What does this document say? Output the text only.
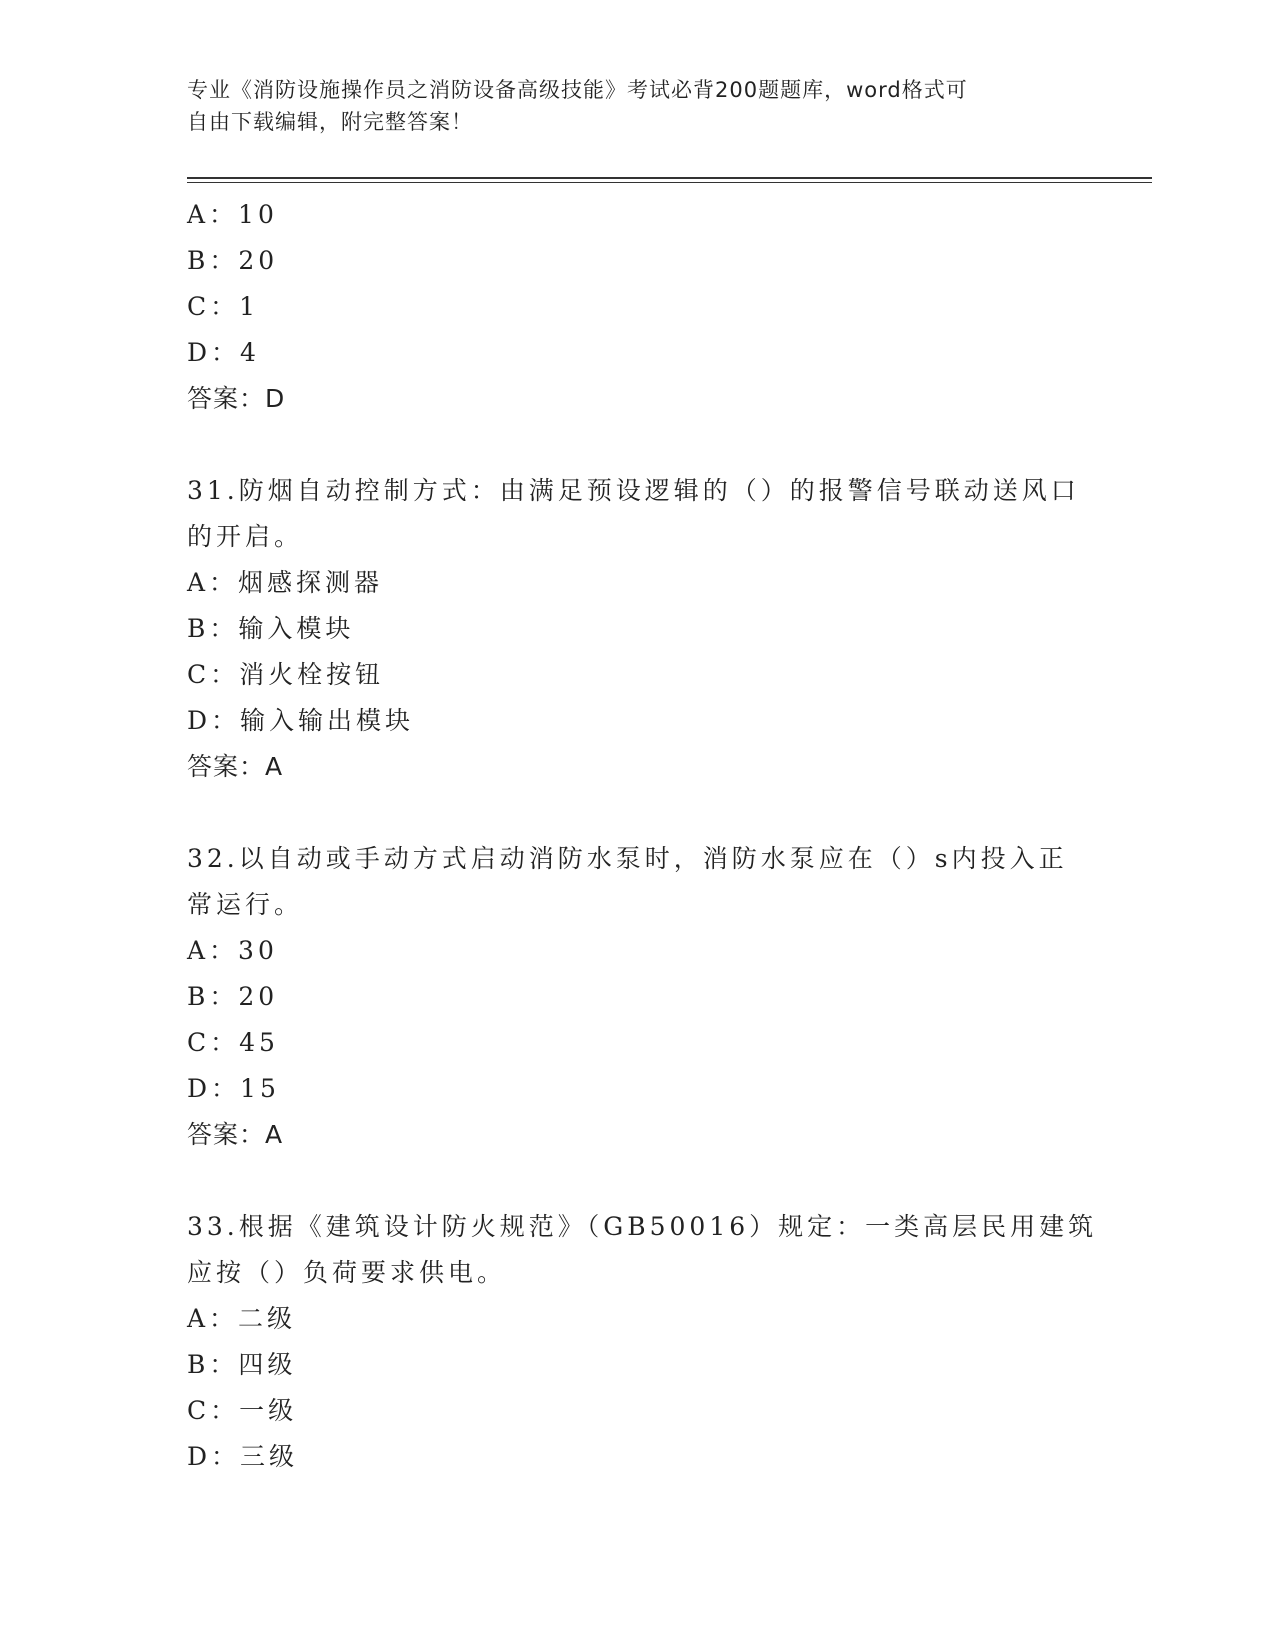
专业《消防设施操作员之消防设备高级技能》考试必背200题题库，word格式可
自由下载编辑，附完整答案！
A：10
B：20
C：1
D：4
答案：D
31.防烟自动控制方式：由满足预设逻辑的（）的报警信号联动送风口
的开启。
A：烟感探测器
B：输入模块
C：消火栓按钮
D：输入输出模块
答案：A
32.以自动或手动方式启动消防水泵时，消防水泵应在（）s内投入正
常运行。
A：30
B：20
C：45
D：15
答案：A
33.根据《建筑设计防火规范》（GB50016）规定：一类高层民用建筑
应按（）负荷要求供电。
A：二级
B：四级
C：一级
D：三级
